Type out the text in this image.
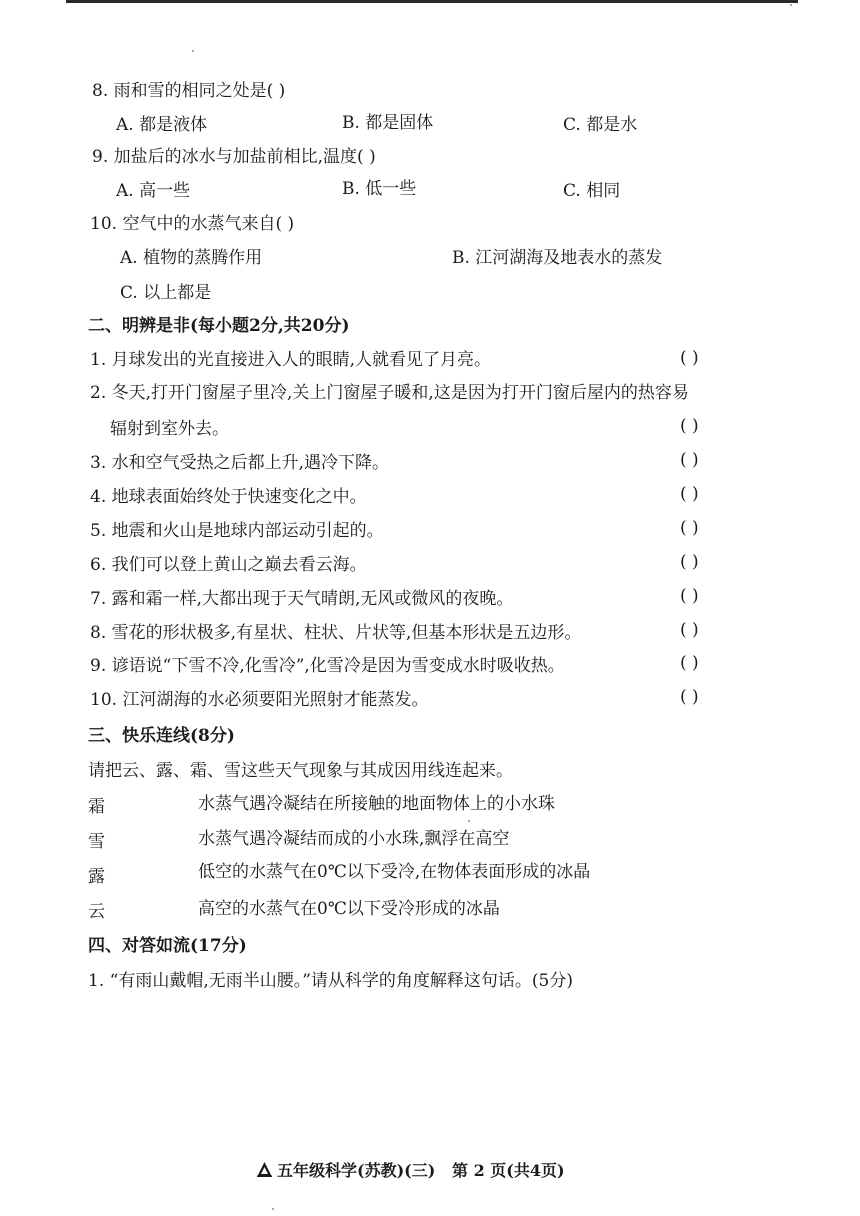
8. 雨和雪的相同之处是( )
A. 都是液体	B. 都是固体	C. 都是水
9. 加盐后的冰水与加盐前相比,温度( )
A. 高一些	B. 低一些	C. 相同
10. 空气中的水蒸气来自( )
A. 植物的蒸腾作用	B. 江河湖海及地表水的蒸发
C. 以上都是
二、明辨是非(每小题2分,共20分)
1. 月球发出的光直接进入人的眼睛,人就看见了月亮。	( )
2. 冬天,打开门窗屋子里冷,关上门窗屋子暖和,这是因为打开门窗后屋内的热容易
辐射到室外去。	( )
3. 水和空气受热之后都上升,遇冷下降。	( )
4. 地球表面始终处于快速变化之中。	( )
5. 地震和火山是地球内部运动引起的。	( )
6. 我们可以登上黄山之巅去看云海。	( )
7. 露和霜一样,大都出现于天气晴朗,无风或微风的夜晚。	( )
8. 雪花的形状极多,有星状、柱状、片状等,但基本形状是五边形。	( )
9. 谚语说“下雪不冷,化雪冷”,化雪冷是因为雪变成水时吸收热。	( )
10. 江河湖海的水必须要阳光照射才能蒸发。	( )
三、快乐连线(8分)
请把云、露、霜、雪这些天气现象与其成因用线连起来。
霜	水蒸气遇冷凝结在所接触的地面物体上的小水珠
雪	水蒸气遇冷凝结而成的小水珠,飘浮在高空
露	低空的水蒸气在0℃以下受冷,在物体表面形成的冰晶
云	高空的水蒸气在0℃以下受冷形成的冰晶
四、对答如流(17分)
1. “有雨山戴帽,无雨半山腰。”请从科学的角度解释这句话。(5分)
五年级科学(苏教)(三)   第 2 页(共4页)
